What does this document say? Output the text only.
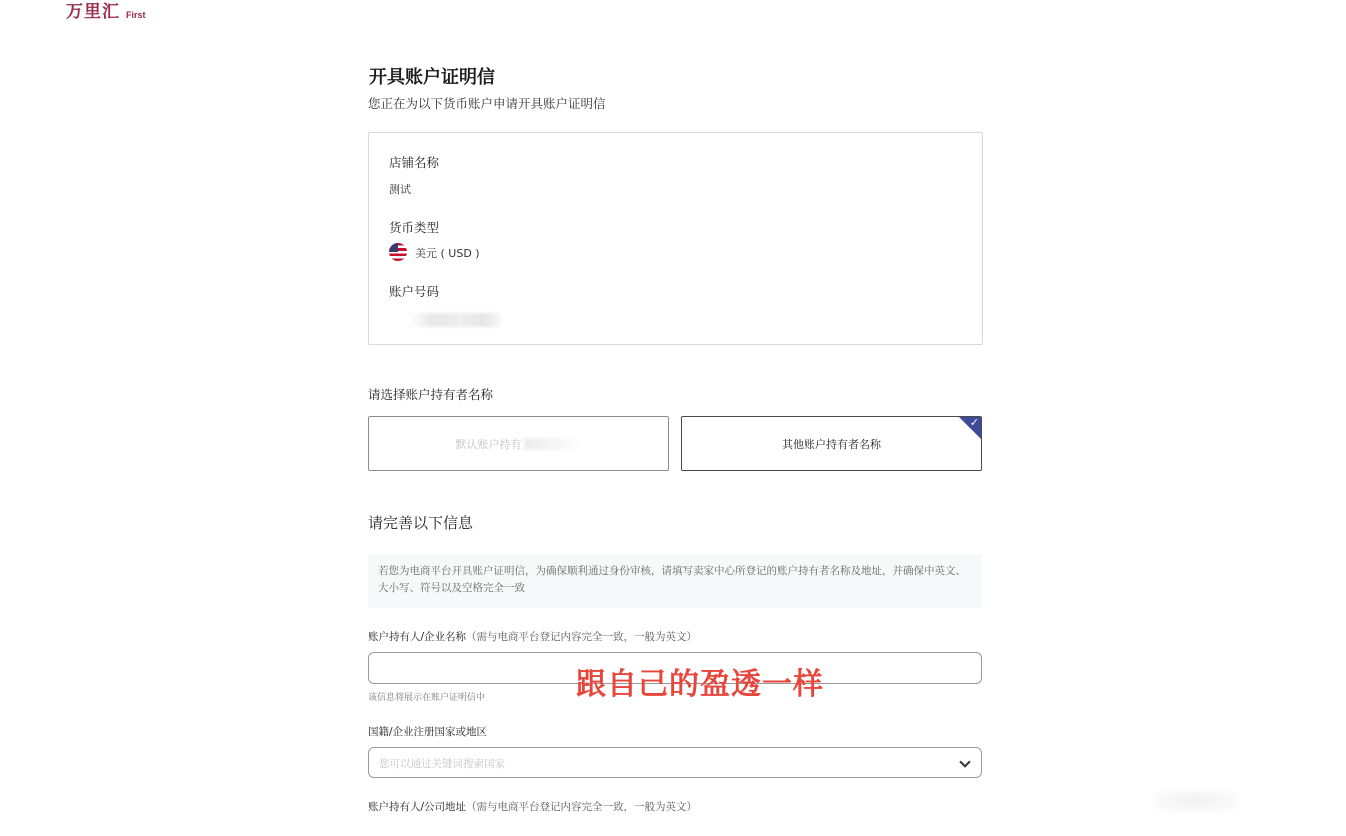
万里汇 First
开具账户证明信
您正在为以下货币账户申请开具账户证明信
店铺名称
测试
货币类型
美元 ( USD )
账户号码
请选择账户持有者名称
默认账户持有	其他账户持有者名称
✓
请完善以下信息
若您为电商平台开具账户证明信，为确保顺利通过身份审核，请填写卖家中心所登记的账户持有者名称及地址，并确保中英文、大小写、符号以及空格完全一致
账户持有人/企业名称（需与电商平台登记内容完全一致，一般为英文）
该信息将展示在账户证明信中
国籍/企业注册国家或地区
您可以通过关键词搜索国家
账户持有人/公司地址（需与电商平台登记内容完全一致，一般为英文）
跟自己的盈透一样
